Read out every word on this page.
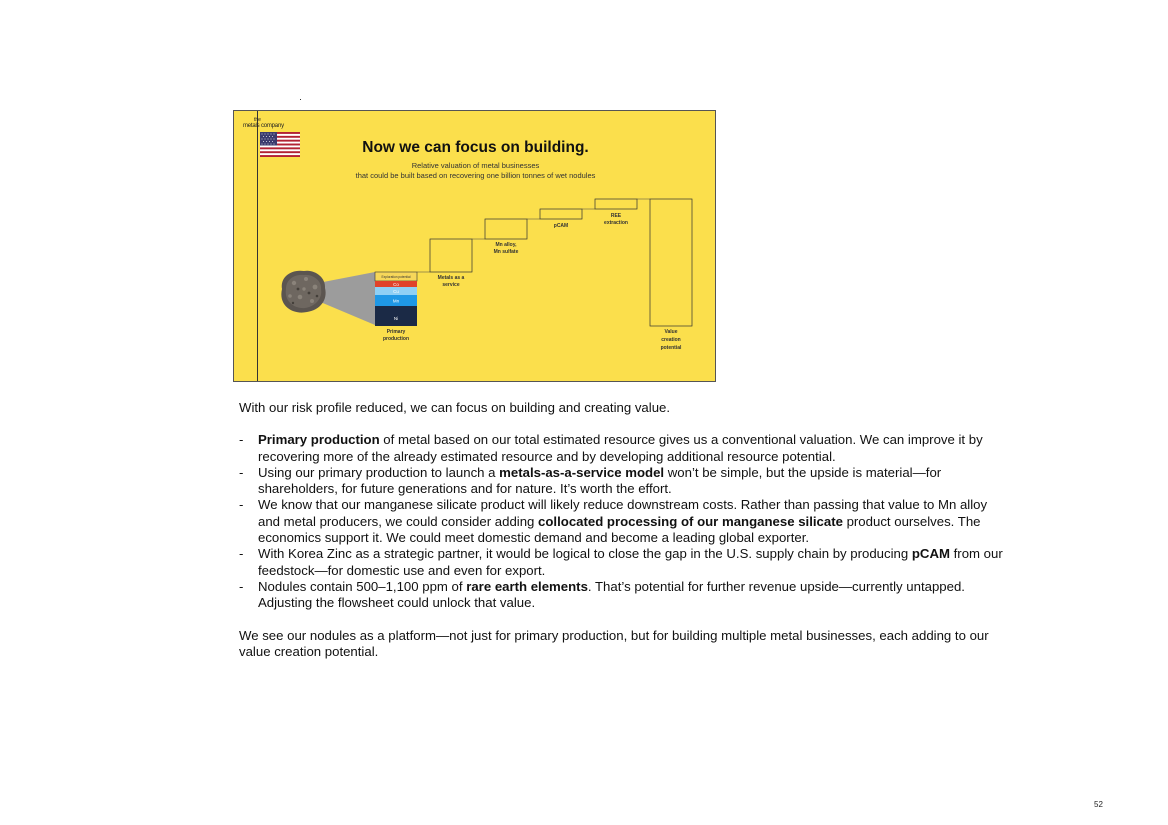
the
metals company
Now we can focus on building.
Relative valuation of metal businesses
that could be built based on recovering one billion tonnes of wet nodules
Exploration potential
Co
Cu
Mn
Ni
Primary
production
Metals as a
service
Mn alloy,
Mn sulfate
pCAM
REE
extraction
Value
creation
potential

With our risk profile reduced, we can focus on building and creating value.

- Primary production of metal based on our total estimated resource gives us a conventional valuation. We can improve it by recovering more of the already estimated resource and by developing additional resource potential.
- Using our primary production to launch a metals-as-a-service model won’t be simple, but the upside is material—for shareholders, for future generations and for nature. It’s worth the effort.
- We know that our manganese silicate product will likely reduce downstream costs. Rather than passing that value to Mn alloy and metal producers, we could consider adding collocated processing of our manganese silicate product ourselves. The economics support it. We could meet domestic demand and become a leading global exporter.
- With Korea Zinc as a strategic partner, it would be logical to close the gap in the U.S. supply chain by producing pCAM from our feedstock—for domestic use and even for export.
- Nodules contain 500–1,100 ppm of rare earth elements. That’s potential for further revenue upside—currently untapped. Adjusting the flowsheet could unlock that value.

We see our nodules as a platform—not just for primary production, but for building multiple metal businesses, each adding to our value creation potential.

52
